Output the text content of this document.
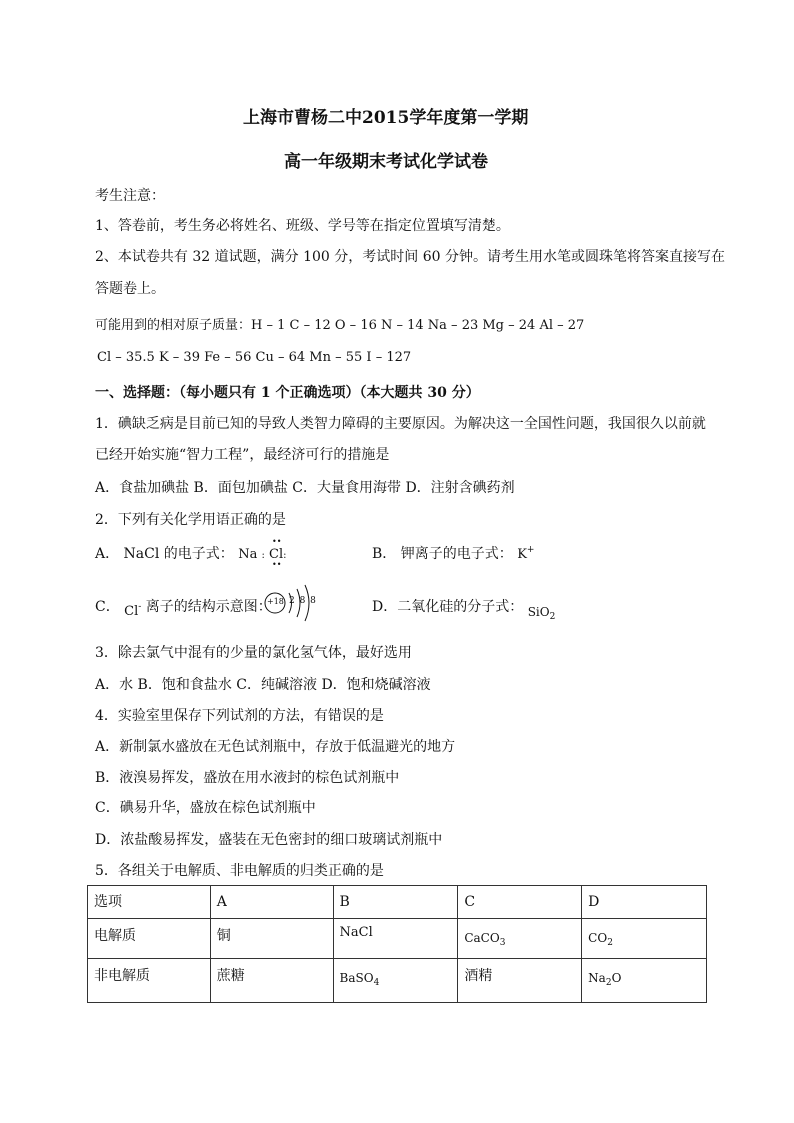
上海市曹杨二中2015学年度第一学期
高一年级期末考试化学试卷
考生注意：
1、答卷前，考生务必将姓名、班级、学号等在指定位置填写清楚。
2、本试卷共有 32 道试题，满分 100 分，考试时间 60 分钟。请考生用水笔或圆珠笔将答案直接写在
答题卷上。
可能用到的相对原子质量：H – 1 C – 12 O – 16 N – 14 Na – 23 Mg – 24 Al – 27
Cl – 35.5 K – 39 Fe – 56 Cu – 64 Mn – 55 I – 127
一、选择题：（每小题只有 1 个正确选项）（本大题共 30 分）
1．碘缺乏病是目前已知的导致人类智力障碍的主要原因。为解决这一全国性问题，我国很久以前就
已经开始实施“智力工程”，最经济可行的措施是
A．食盐加碘盐 B．面包加碘盐 C．大量食用海带 D．注射含碘药剂
2．下列有关化学用语正确的是
A． NaCl 的电子式： Na :
••
Cl:
••
B． 钾离子的电子式： K+
C． Cl- 离子的结构示意图：
+18 2 8 8	D．二氧化硅的分子式： SiO$_2$
3．除去氯气中混有的少量的氯化氢气体，最好选用
A．水 B．饱和食盐水 C．纯碱溶液 D．饱和烧碱溶液
4．实验室里保存下列试剂的方法，有错误的是
A．新制氯水盛放在无色试剂瓶中，存放于低温避光的地方
B．液溴易挥发，盛放在用水液封的棕色试剂瓶中
C．碘易升华，盛放在棕色试剂瓶中
D．浓盐酸易挥发，盛装在无色密封的细口玻璃试剂瓶中
5．各组关于电解质、非电解质的归类正确的是
选项	A	B	C	D
电解质	铜	NaCl	CaCO$_3$	$CO_2$
非电解质	蔗糖	BaSO$_4$	酒精	$Na_2O$
